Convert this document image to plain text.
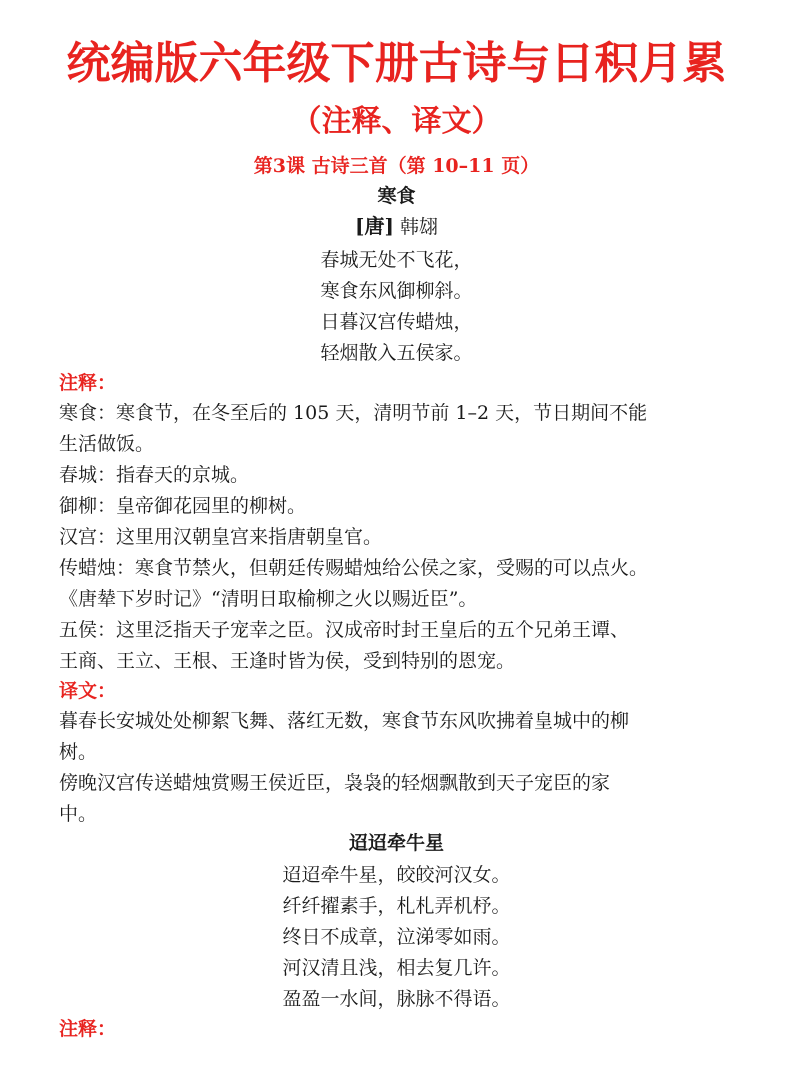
统编版六年级下册古诗与日积月累
（注释、译文）
第3课 古诗三首（第 10–11 页）
寒食
[唐] 韩翃
春城无处不飞花，
寒食东风御柳斜。
日暮汉宫传蜡烛，
轻烟散入五侯家。
注释：
寒食：寒食节，在冬至后的 105 天，清明节前 1–2 天，节日期间不能
生活做饭。
春城：指春天的京城。
御柳：皇帝御花园里的柳树。
汉宫：这里用汉朝皇宫来指唐朝皇官。
传蜡烛：寒食节禁火，但朝廷传赐蜡烛给公侯之家，受赐的可以点火。
《唐辇下岁时记》“清明日取榆柳之火以赐近臣”。
五侯：这里泛指天子宠幸之臣。汉成帝时封王皇后的五个兄弟王谭、
王商、王立、王根、王逢时皆为侯，受到特别的恩宠。
译文：
暮春长安城处处柳絮飞舞、落红无数，寒食节东风吹拂着皇城中的柳
树。
傍晚汉宫传送蜡烛赏赐王侯近臣，袅袅的轻烟飘散到天子宠臣的家
中。
迢迢牵牛星
迢迢牵牛星，皎皎河汉女。
纤纤擢素手，札札弄机杼。
终日不成章，泣涕零如雨。
河汉清且浅，相去复几许。
盈盈一水间，脉脉不得语。
注释：
